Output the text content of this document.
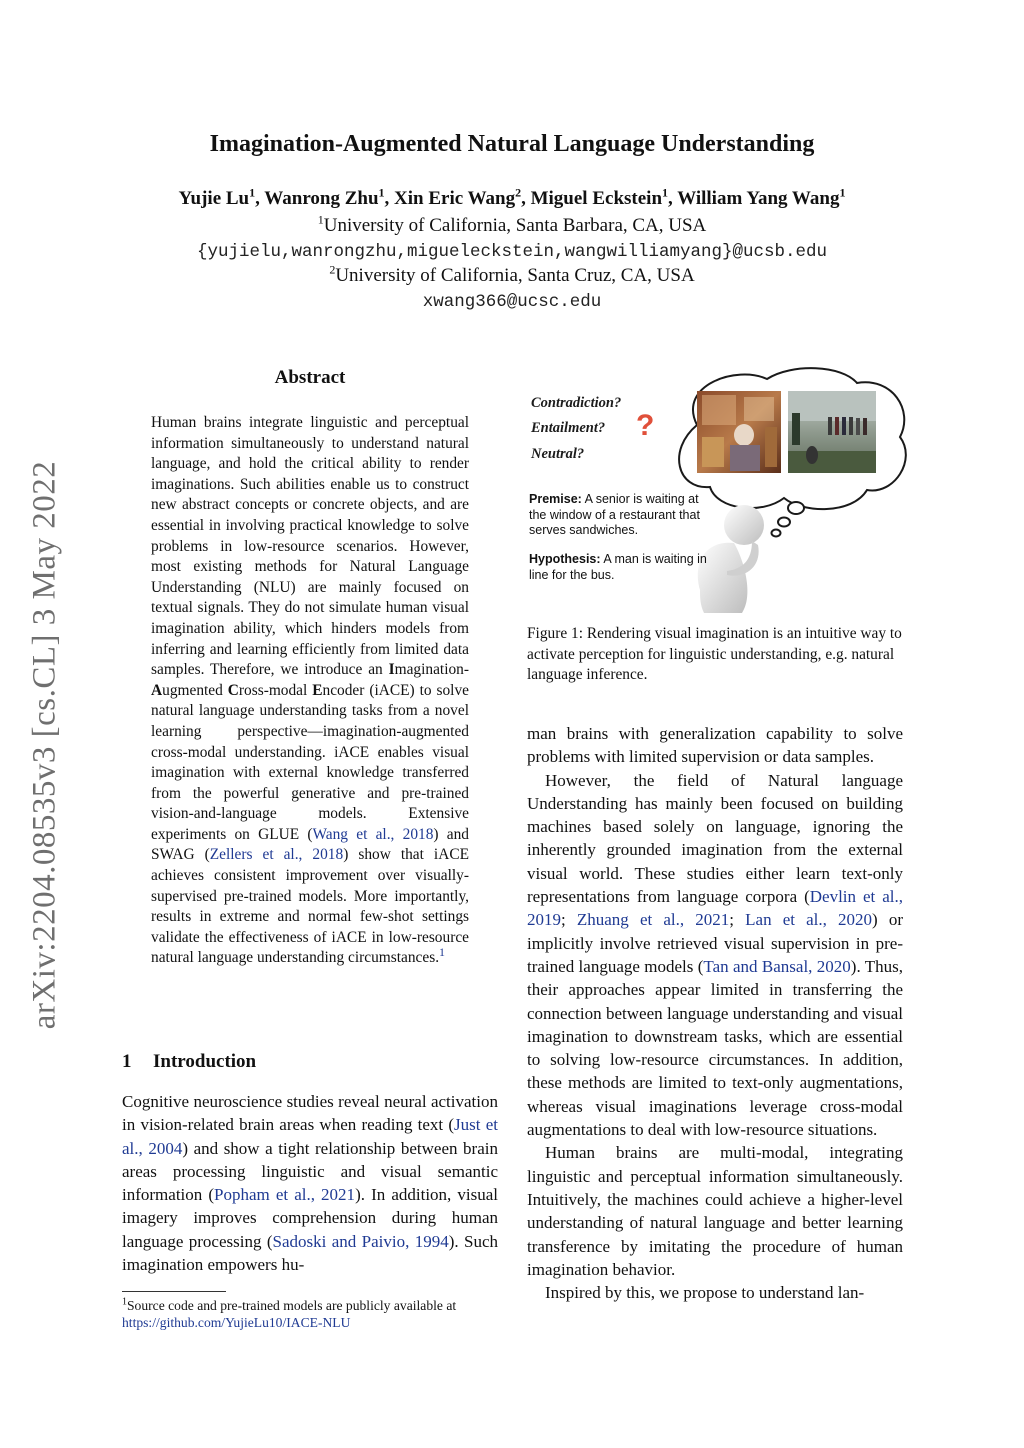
arXiv:2204.08535v3 [cs.CL] 3 May 2022
Imagination-Augmented Natural Language Understanding
Yujie Lu$^1$, Wanrong Zhu$^1$, Xin Eric Wang$^2$, Miguel Eckstein$^1$, William Yang Wang$^1$
$^1$University of California, Santa Barbara, CA, USA
{yujielu,wanrongzhu,migueleckstein,wangwilliamyang}@ucsb.edu
$^2$University of California, Santa Cruz, CA, USA
xwang366@ucsc.edu
Abstract
Human brains integrate linguistic and perceptual information simultaneously to understand natural language, and hold the critical ability to render imaginations. Such abilities enable us to construct new abstract concepts or concrete objects, and are essential in involving practical knowledge to solve problems in low-resource scenarios. However, most existing methods for Natural Language Understanding (NLU) are mainly focused on textual signals. They do not simulate human visual imagination ability, which hinders models from inferring and learning efficiently from limited data samples. Therefore, we introduce an Imagination-Augmented Cross-modal Encoder (iACE) to solve natural language understanding tasks from a novel learning perspective—imagination-augmented cross-modal understanding. iACE enables visual imagination with external knowledge transferred from the powerful generative and pre-trained vision-and-language models. Extensive experiments on GLUE (Wang et al., 2018) and SWAG (Zellers et al., 2018) show that iACE achieves consistent improvement over visually-supervised pre-trained models. More importantly, results in extreme and normal few-shot settings validate the effectiveness of iACE in low-resource natural language understanding circumstances.$^1$
1 Introduction
Cognitive neuroscience studies reveal neural activation in vision-related brain areas when reading text (Just et al., 2004) and show a tight relationship between brain areas processing linguistic and visual semantic information (Popham et al., 2021). In addition, visual imagery improves comprehension during human language processing (Sadoski and Paivio, 1994). Such imagination empowers hu-
$^1$Source code and pre-trained models are publicly available at https://github.com/YujieLu10/IACE-NLU
Contradiction?
Entailment?
Neutral?
?
Premise: A senior is waiting at the window of a restaurant that serves sandwiches.
Hypothesis: A man is waiting in line for the bus.
Figure 1: Rendering visual imagination is an intuitive way to activate perception for linguistic understanding, e.g. natural language inference.

man brains with generalization capability to solve problems with limited supervision or data samples.

However, the field of Natural language Understanding has mainly been focused on building machines based solely on language, ignoring the inherently grounded imagination from the external visual world. These studies either learn text-only representations from language corpora (Devlin et al., 2019; Zhuang et al., 2021; Lan et al., 2020) or implicitly involve retrieved visual supervision in pre-trained language models (Tan and Bansal, 2020). Thus, their approaches appear limited in transferring the connection between language understanding and visual imagination to downstream tasks, which are essential to solving low-resource circumstances. In addition, these methods are limited to text-only augmentations, whereas visual imaginations leverage cross-modal augmentations to deal with low-resource situations.

Human brains are multi-modal, integrating linguistic and perceptual information simultaneously. Intuitively, the machines could achieve a higher-level understanding of natural language and better learning transference by imitating the procedure of human imagination behavior.

Inspired by this, we propose to understand lan-
